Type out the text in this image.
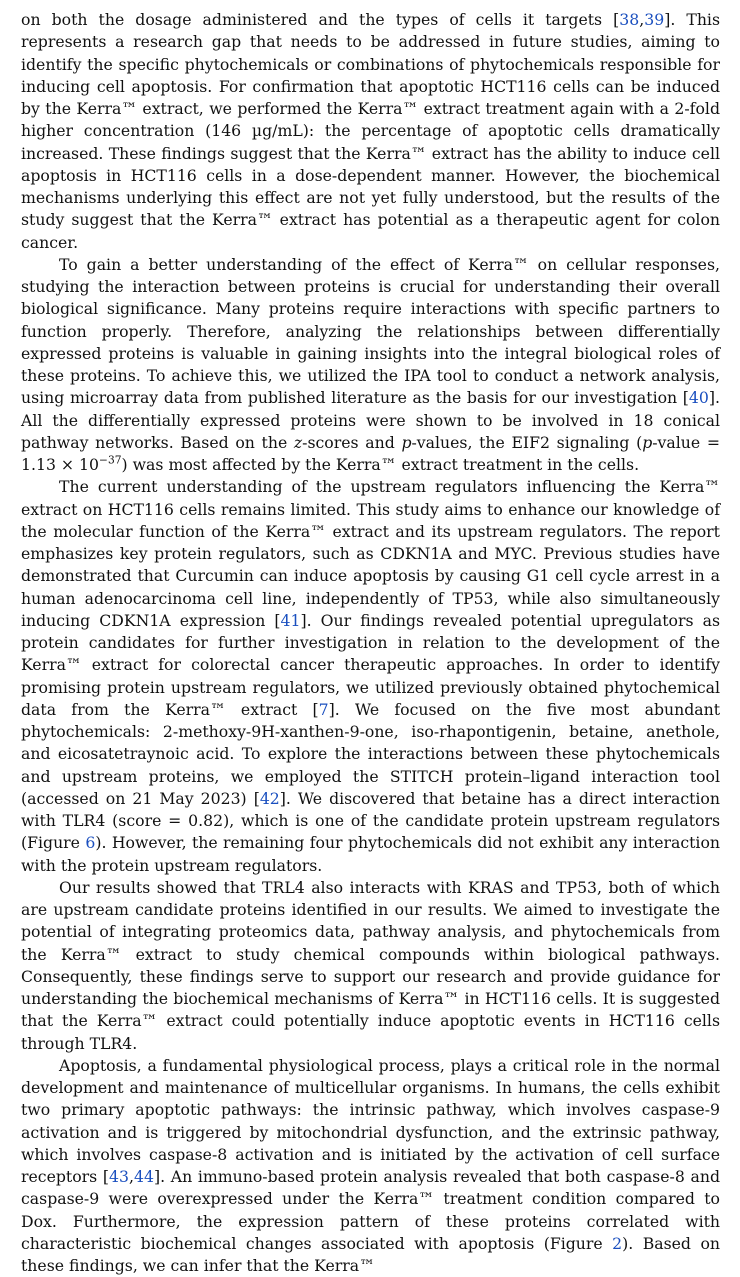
on both the dosage administered and the types of cells it targets [38,39]. This represents a research gap that needs to be addressed in future studies, aiming to identify the specific phytochemicals or combinations of phytochemicals responsible for inducing cell apoptosis. For confirmation that apoptotic HCT116 cells can be induced by the Kerra™ extract, we performed the Kerra™ extract treatment again with a 2-fold higher concentration (146 µg/mL): the percentage of apoptotic cells dramatically increased. These findings suggest that the Kerra™ extract has the ability to induce cell apoptosis in HCT116 cells in a dose-dependent manner. However, the biochemical mechanisms underlying this effect are not yet fully understood, but the results of the study suggest that the Kerra™ extract has potential as a therapeutic agent for colon cancer.

To gain a better understanding of the effect of Kerra™ on cellular responses, studying the interaction between proteins is crucial for understanding their overall biological significance. Many proteins require interactions with specific partners to function properly. Therefore, analyzing the relationships between differentially expressed proteins is valuable in gaining insights into the integral biological roles of these proteins. To achieve this, we utilized the IPA tool to conduct a network analysis, using microarray data from published literature as the basis for our investigation [40]. All the differentially expressed proteins were shown to be involved in 18 conical pathway networks. Based on the z-scores and p-values, the EIF2 signaling (p-value = $1.13 \times 10^{-37}$) was most affected by the Kerra™ extract treatment in the cells.

The current understanding of the upstream regulators influencing the Kerra™ extract on HCT116 cells remains limited. This study aims to enhance our knowledge of the molecular function of the Kerra™ extract and its upstream regulators. The report emphasizes key protein regulators, such as CDKN1A and MYC. Previous studies have demonstrated that Curcumin can induce apoptosis by causing G1 cell cycle arrest in a human adenocarcinoma cell line, independently of TP53, while also simultaneously inducing CDKN1A expression [41]. Our findings revealed potential upregulators as protein candidates for further investigation in relation to the development of the Kerra™ extract for colorectal cancer therapeutic approaches. In order to identify promising protein upstream regulators, we utilized previously obtained phytochemical data from the Kerra™ extract [7]. We focused on the five most abundant phytochemicals: 2-methoxy-9H-xanthen-9-one, iso-rhapontigenin, betaine, anethole, and eicosatetraynoic acid. To explore the interactions between these phytochemicals and upstream proteins, we employed the STITCH protein–ligand interaction tool (accessed on 21 May 2023) [42]. We discovered that betaine has a direct interaction with TLR4 (score = 0.82), which is one of the candidate protein upstream regulators (Figure 6). However, the remaining four phytochemicals did not exhibit any interaction with the protein upstream regulators.

Our results showed that TRL4 also interacts with KRAS and TP53, both of which are upstream candidate proteins identified in our results. We aimed to investigate the potential of integrating proteomics data, pathway analysis, and phytochemicals from the Kerra™ extract to study chemical compounds within biological pathways. Consequently, these findings serve to support our research and provide guidance for understanding the biochemical mechanisms of Kerra™ in HCT116 cells. It is suggested that the Kerra™ extract could potentially induce apoptotic events in HCT116 cells through TLR4.

Apoptosis, a fundamental physiological process, plays a critical role in the normal development and maintenance of multicellular organisms. In humans, the cells exhibit two primary apoptotic pathways: the intrinsic pathway, which involves caspase-9 activation and is triggered by mitochondrial dysfunction, and the extrinsic pathway, which involves caspase-8 activation and is initiated by the activation of cell surface receptors [43,44]. An immuno-based protein analysis revealed that both caspase-8 and caspase-9 were overexpressed under the Kerra™ treatment condition compared to Dox. Furthermore, the expression pattern of these proteins correlated with characteristic biochemical changes associated with apoptosis (Figure 2). Based on these findings, we can infer that the Kerra™
